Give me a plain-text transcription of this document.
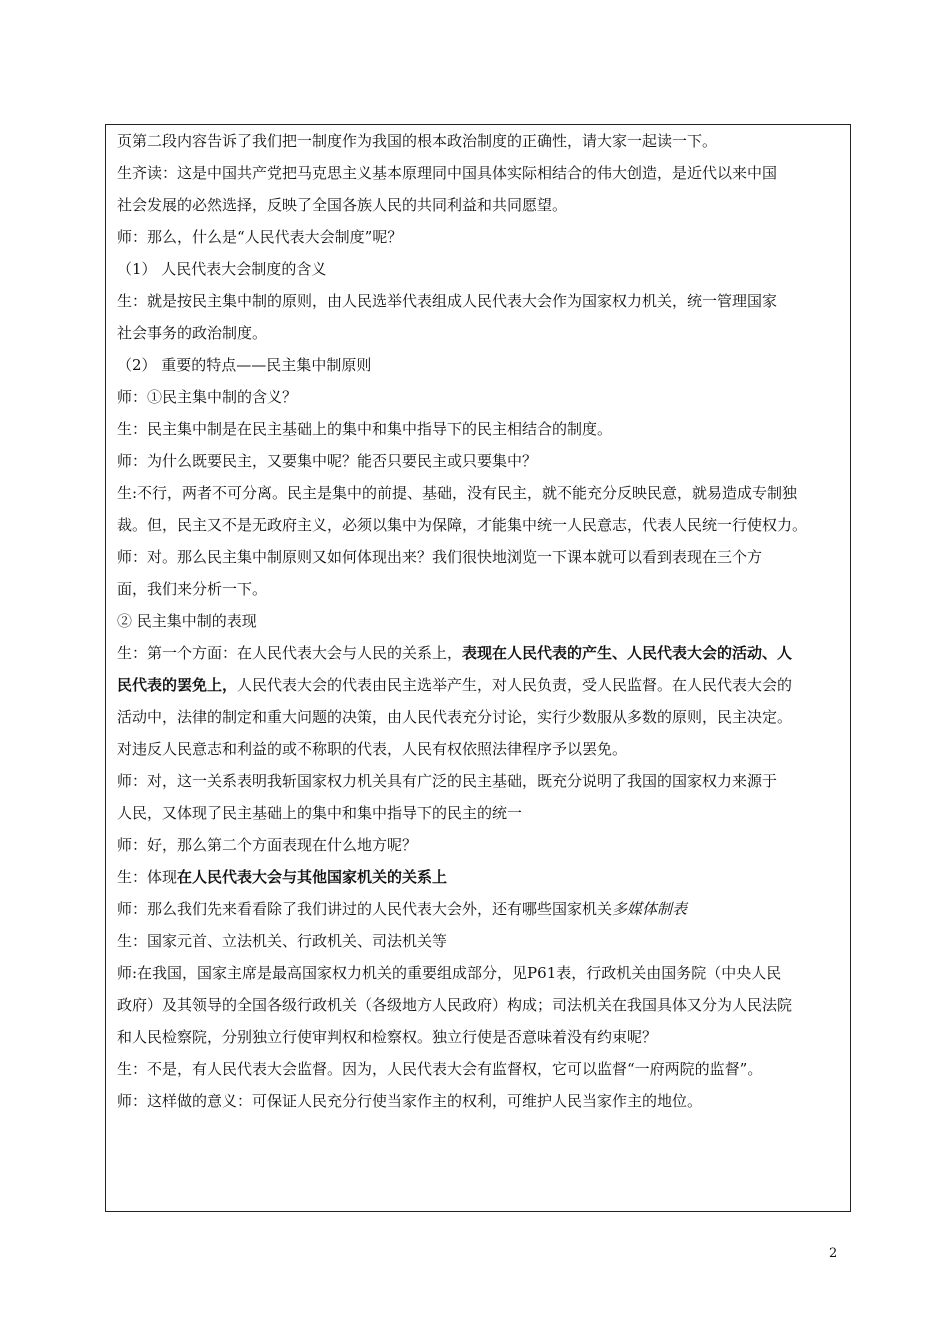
页第二段内容告诉了我们把一制度作为我国的根本政治制度的正确性，请大家一起读一下。
生齐读：这是中国共产党把马克思主义基本原理同中国具体实际相结合的伟大创造，是近代以来中国
社会发展的必然选择，反映了全国各族人民的共同利益和共同愿望。
师：那么，什么是“人民代表大会制度”呢？
（1） 人民代表大会制度的含义
生：就是按民主集中制的原则，由人民选举代表组成人民代表大会作为国家权力机关，统一管理国家
社会事务的政治制度。
（2） 重要的特点——民主集中制原则
师：①民主集中制的含义？
生：民主集中制是在民主基础上的集中和集中指导下的民主相结合的制度。
师：为什么既要民主，又要集中呢？能否只要民主或只要集中？
生:不行，两者不可分离。民主是集中的前提、基础，没有民主，就不能充分反映民意，就易造成专制独
裁。但，民主又不是无政府主义，必须以集中为保障，才能集中统一人民意志，代表人民统一行使权力。
师：对。那么民主集中制原则又如何体现出来？我们很快地浏览一下课本就可以看到表现在三个方
面，我们来分析一下。
② 民主集中制的表现
生：第一个方面：在人民代表大会与人民的关系上，表现在人民代表的产生、人民代表大会的活动、人
民代表的罢免上，人民代表大会的代表由民主选举产生，对人民负责，受人民监督。在人民代表大会的
活动中，法律的制定和重大问题的决策，由人民代表充分讨论，实行少数服从多数的原则，民主决定。
对违反人民意志和利益的或不称职的代表，人民有权依照法律程序予以罢免。
师：对，这一关系表明我斩国家权力机关具有广泛的民主基础，既充分说明了我国的国家权力来源于
人民，又体现了民主基础上的集中和集中指导下的民主的统一
师：好，那么第二个方面表现在什么地方呢？
生：体现在人民代表大会与其他国家机关的关系上
师：那么我们先来看看除了我们讲过的人民代表大会外，还有哪些国家机关多媒体制表
生：国家元首、立法机关、行政机关、司法机关等
师:在我国，国家主席是最高国家权力机关的重要组成部分，见P61表，行政机关由国务院（中央人民
政府）及其领导的全国各级行政机关（各级地方人民政府）构成；司法机关在我国具体又分为人民法院
和人民检察院，分别独立行使审判权和检察权。独立行使是否意味着没有约束呢？
生：不是，有人民代表大会监督。因为，人民代表大会有监督权，它可以监督“一府两院的监督”。
师：这样做的意义：可保证人民充分行使当家作主的权利，可维护人民当家作主的地位。
2
